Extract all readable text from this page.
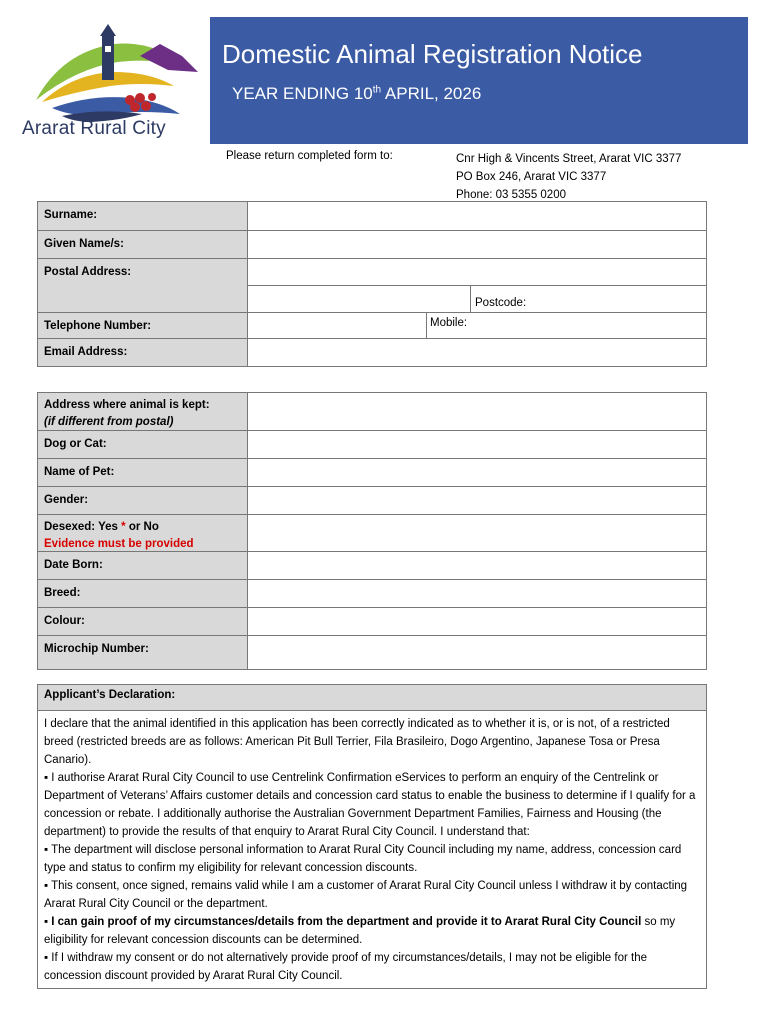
Ararat Rural City
Domestic Animal Registration Notice
YEAR ENDING 10th APRIL, 2026
Please return completed form to:	Cnr High & Vincents Street, Ararat VIC 3377
PO Box 246, Ararat VIC 3377
Phone: 03 5355 0200
Surname:
Given Name/s:
Postal Address:
Postcode:
Telephone Number:	Mobile:
Email Address:
Address where animal is kept:
(if different from postal)
Dog or Cat:
Name of Pet:
Gender:
Desexed: Yes * or No
Evidence must be provided
Date Born:
Breed:
Colour:
Microchip Number:
Applicant’s Declaration:

I declare that the animal identified in this application has been correctly indicated as to whether it is, or is not, of a restricted breed (restricted breeds are as follows: American Pit Bull Terrier, Fila Brasileiro, Dogo Argentino, Japanese Tosa or Presa Canario).

▪ I authorise Ararat Rural City Council to use Centrelink Confirmation eServices to perform an enquiry of the Centrelink or Department of Veterans’ Affairs customer details and concession card status to enable the business to determine if I qualify for a concession or rebate. I additionally authorise the Australian Government Department Families, Fairness and Housing (the department) to provide the results of that enquiry to Ararat Rural City Council. I understand that:

▪ The department will disclose personal information to Ararat Rural City Council including my name, address, concession card type and status to confirm my eligibility for relevant concession discounts.

▪ This consent, once signed, remains valid while I am a customer of Ararat Rural City Council unless I withdraw it by contacting Ararat Rural City Council or the department.

▪ I can gain proof of my circumstances/details from the department and provide it to Ararat Rural City Council so my eligibility for relevant concession discounts can be determined.

▪ If I withdraw my consent or do not alternatively provide proof of my circumstances/details, I may not be eligible for the concession discount provided by Ararat Rural City Council.
